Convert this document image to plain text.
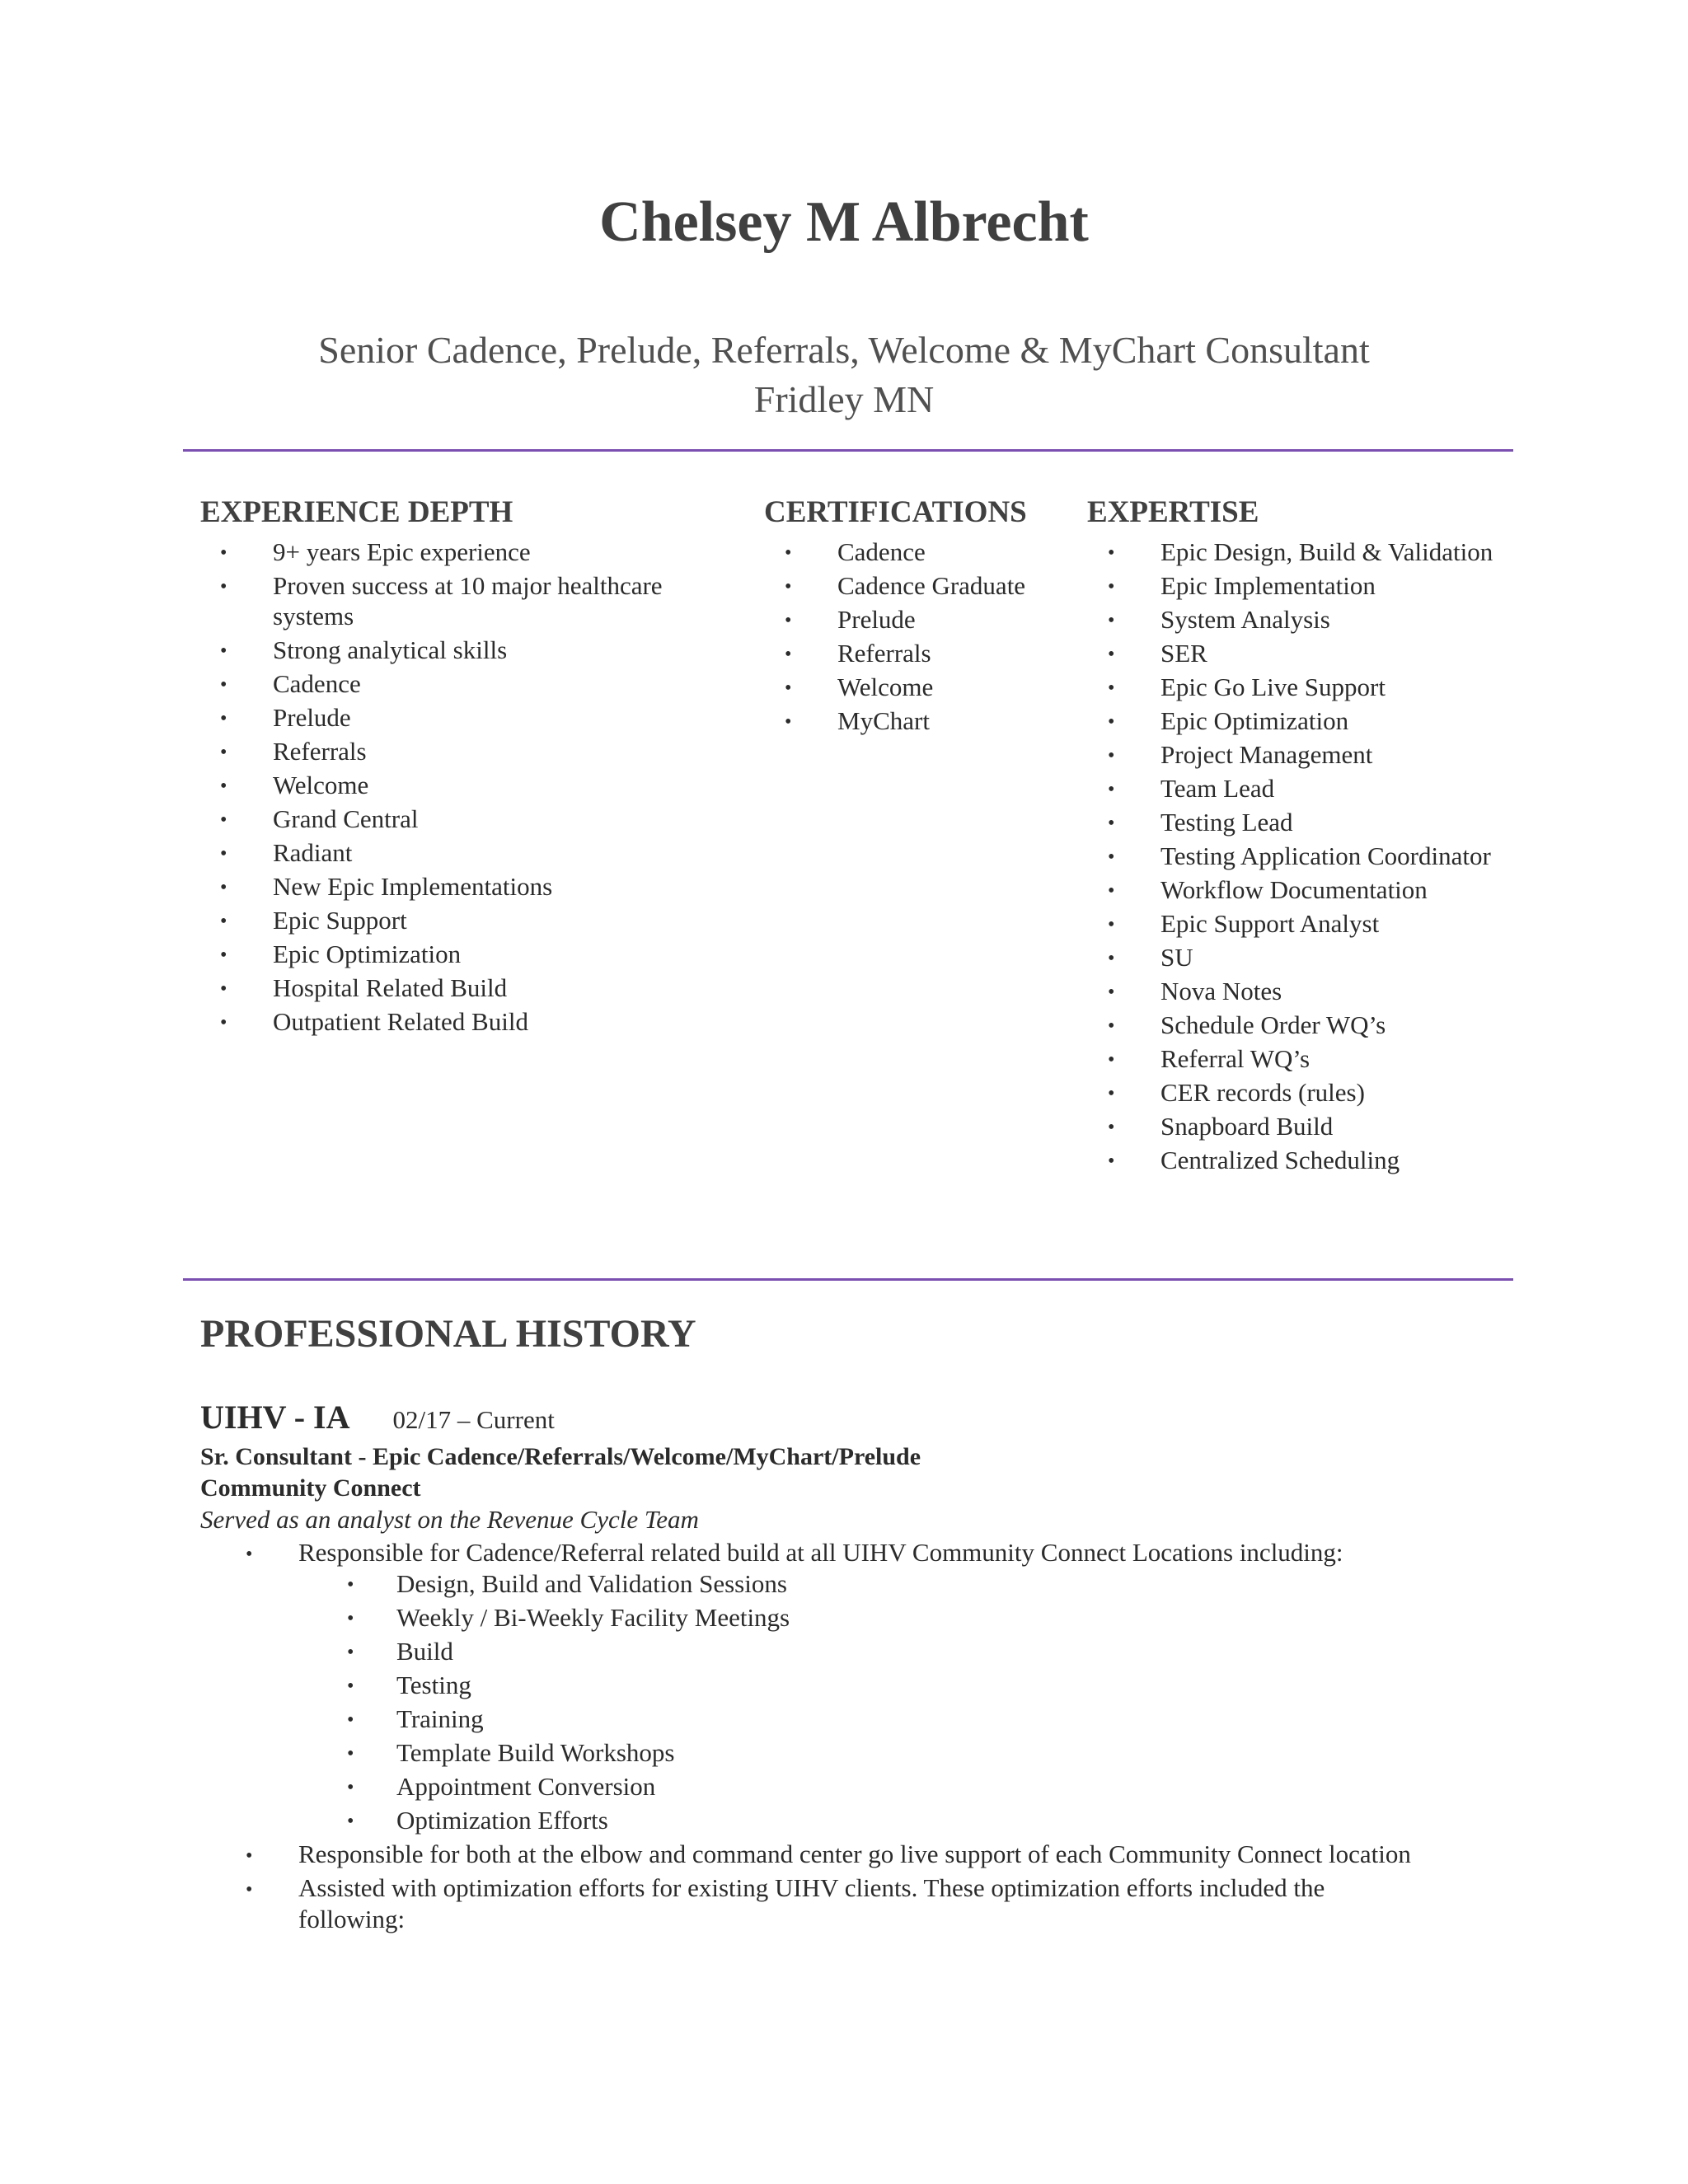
Chelsey M Albrecht
Senior Cadence, Prelude, Referrals, Welcome & MyChart Consultant
Fridley MN
EXPERIENCE DEPTH
• 9+ years Epic experience
• Proven success at 10 major healthcare systems
• Strong analytical skills
• Cadence
• Prelude
• Referrals
• Welcome
• Grand Central
• Radiant
• New Epic Implementations
• Epic Support
• Epic Optimization
• Hospital Related Build
• Outpatient Related Build
CERTIFICATIONS
• Cadence
• Cadence Graduate
• Prelude
• Referrals
• Welcome
• MyChart
EXPERTISE
• Epic Design, Build & Validation
• Epic Implementation
• System Analysis
• SER
• Epic Go Live Support
• Epic Optimization
• Project Management
• Team Lead
• Testing Lead
• Testing Application Coordinator
• Workflow Documentation
• Epic Support Analyst
• SU
• Nova Notes
• Schedule Order WQ’s
• Referral WQ’s
• CER records (rules)
• Snapboard Build
• Centralized Scheduling
PROFESSIONAL HISTORY

UIHV - IA 02/17 – Current

Sr. Consultant - Epic Cadence/Referrals/Welcome/MyChart/Prelude

Community Connect

Served as an analyst on the Revenue Cycle Team

• Responsible for Cadence/Referral related build at all UIHV Community Connect Locations including:
• Design, Build and Validation Sessions
• Weekly / Bi-Weekly Facility Meetings
• Build
• Testing
• Training
• Template Build Workshops
• Appointment Conversion
• Optimization Efforts
• Responsible for both at the elbow and command center go live support of each Community Connect location
• Assisted with optimization efforts for existing UIHV clients. These optimization efforts included the following:
